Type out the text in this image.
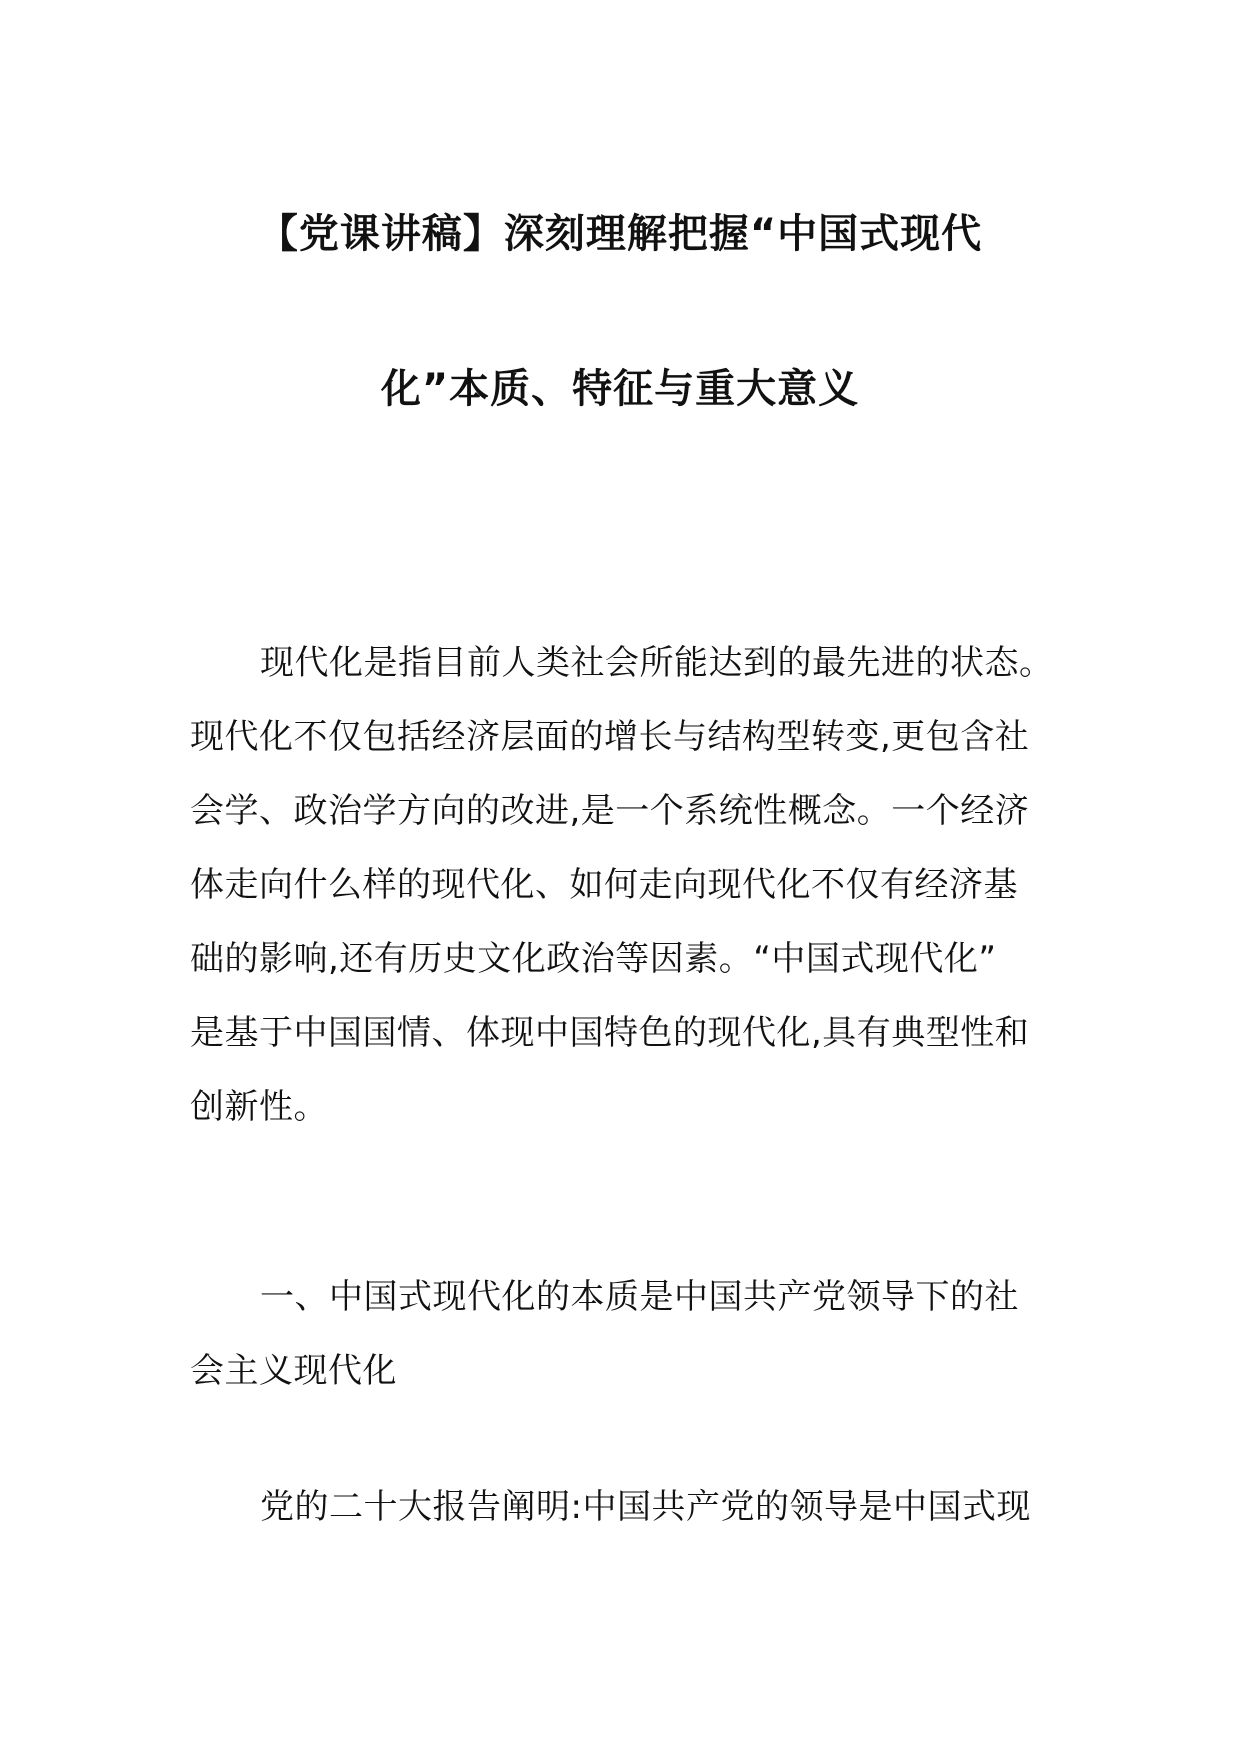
【党课讲稿】深刻理解把握“中国式现代
化”本质、特征与重大意义

现代化是指目前人类社会所能达到的最先进的状态。
现代化不仅包括经济层面的增长与结构型转变,更包含社
会学、政治学方向的改进,是一个系统性概念。一个经济
体走向什么样的现代化、如何走向现代化不仅有经济基
础的影响,还有历史文化政治等因素。“中国式现代化”
是基于中国国情、体现中国特色的现代化,具有典型性和
创新性。

一、中国式现代化的本质是中国共产党领导下的社
会主义现代化

党的二十大报告阐明:中国共产党的领导是中国式现
